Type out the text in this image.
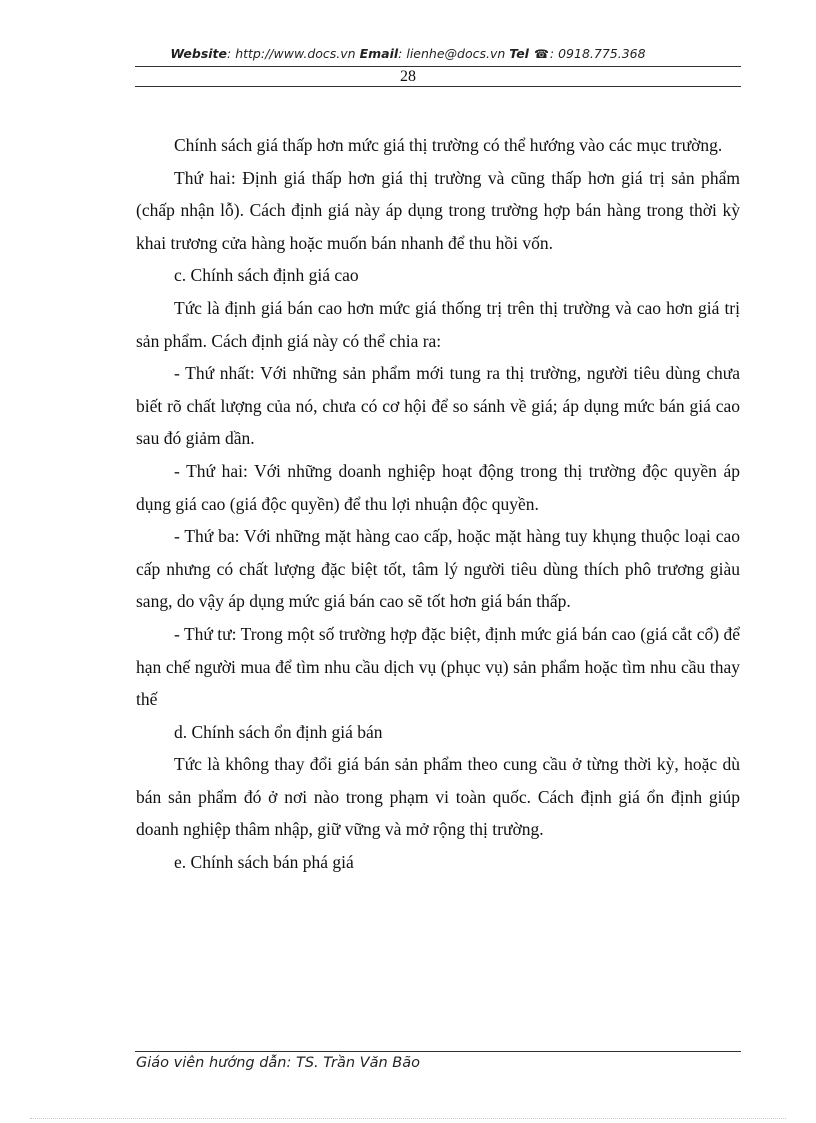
Website: http://www.docs.vn Email: lienhe@docs.vn Tel ☎: 0918.775.368
28

Chính sách giá thấp hơn mức giá thị trường có thể hướng vào các mục trường.

Thứ hai: Định giá thấp hơn giá thị trường và cũng thấp hơn giá trị sản phẩm (chấp nhận lỗ). Cách định giá này áp dụng trong trường hợp bán hàng trong thời kỳ khai trương cửa hàng hoặc muốn bán nhanh để thu hồi vốn.

c. Chính sách định giá cao

Tức là định giá bán cao hơn mức giá thống trị trên thị trường và cao hơn giá trị sản phẩm. Cách định giá này có thể chia ra:

- Thứ nhất: Với những sản phẩm mới tung ra thị trường, người tiêu dùng chưa biết rõ chất lượng của nó, chưa có cơ hội để so sánh về giá; áp dụng mức bán giá cao sau đó giảm dần.

- Thứ hai: Với những doanh nghiệp hoạt động trong thị trường độc quyền áp dụng giá cao (giá độc quyền) để thu lợi nhuận độc quyền.

- Thứ ba: Với những mặt hàng cao cấp, hoặc mặt hàng tuy khụng thuộc loại cao cấp nhưng có chất lượng đặc biệt tốt, tâm lý người tiêu dùng thích phô trương giàu sang, do vậy áp dụng mức giá bán cao sẽ tốt hơn giá bán thấp.

- Thứ tư: Trong một số trường hợp đặc biệt, định mức giá bán cao (giá cắt cổ) để hạn chế người mua để tìm nhu cầu dịch vụ (phục vụ) sản phẩm hoặc tìm nhu cầu thay thế

d. Chính sách ổn định giá bán

Tức là không thay đổi giá bán sản phẩm theo cung cầu ở từng thời kỳ, hoặc dù bán sản phẩm đó ở nơi nào trong phạm vi toàn quốc. Cách định giá ổn định giúp doanh nghiệp thâm nhập, giữ vững và mở rộng thị trường.

e. Chính sách bán phá giá

Giáo viên hướng dẫn: TS. Trần Văn Bão
